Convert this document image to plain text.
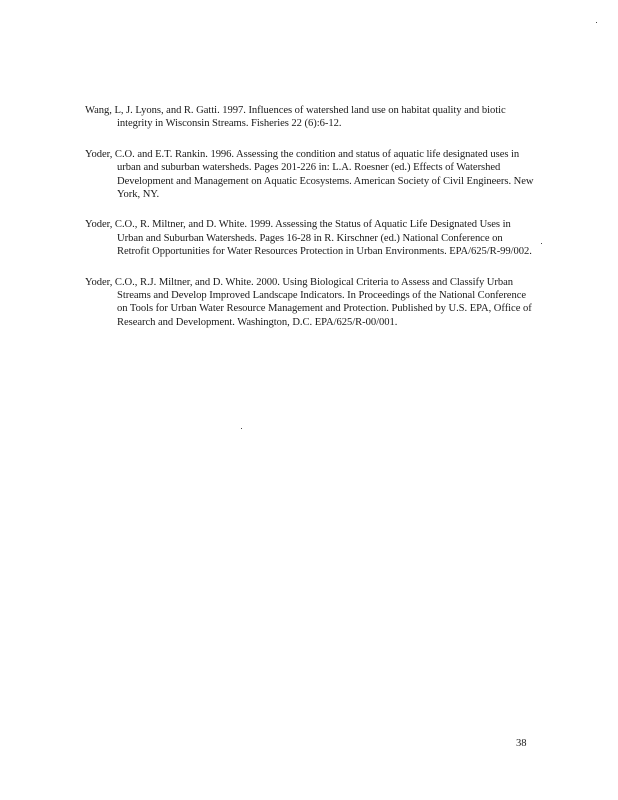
Wang, L, J. Lyons, and R. Gatti. 1997. Influences of watershed land use on habitat quality and biotic integrity in Wisconsin Streams. Fisheries 22 (6):6-12.

Yoder, C.O. and E.T. Rankin. 1996. Assessing the condition and status of aquatic life designated uses in urban and suburban watersheds. Pages 201-226 in: L.A. Roesner (ed.) Effects of Watershed Development and Management on Aquatic Ecosystems. American Society of Civil Engineers. New York, NY.

Yoder, C.O., R. Miltner, and D. White. 1999. Assessing the Status of Aquatic Life Designated Uses in Urban and Suburban Watersheds. Pages 16-28 in R. Kirschner (ed.) National Conference on Retrofit Opportunities for Water Resources Protection in Urban Environments. EPA/625/R-99/002.

Yoder, C.O., R.J. Miltner, and D. White. 2000. Using Biological Criteria to Assess and Classify Urban Streams and Develop Improved Landscape Indicators. In Proceedings of the National Conference on Tools for Urban Water Resource Management and Protection. Published by U.S. EPA, Office of Research and Development. Washington, D.C. EPA/625/R-00/001.

38
